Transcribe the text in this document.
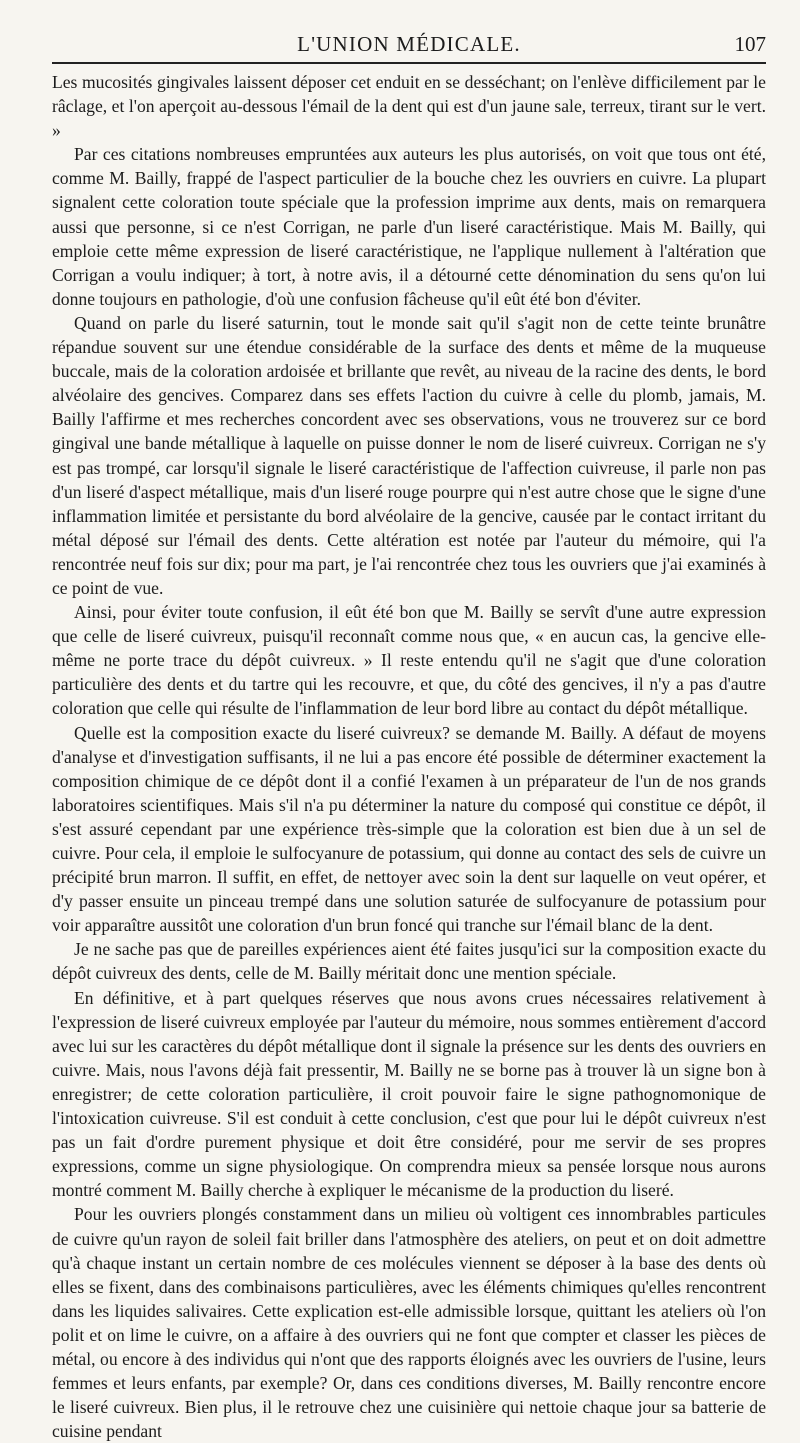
L'UNION MÉDICALE.	107

Les mucosités gingivales laissent déposer cet enduit en se desséchant; on l'enlève difficilement par le râclage, et l'on aperçoit au-dessous l'émail de la dent qui est d'un jaune sale, terreux, tirant sur le vert. »

Par ces citations nombreuses empruntées aux auteurs les plus autorisés, on voit que tous ont été, comme M. Bailly, frappé de l'aspect particulier de la bouche chez les ouvriers en cuivre. La plupart signalent cette coloration toute spéciale que la profession imprime aux dents, mais on remarquera aussi que personne, si ce n'est Corrigan, ne parle d'un liseré caractéristique. Mais M. Bailly, qui emploie cette même expression de liseré caractéristique, ne l'applique nullement à l'altération que Corrigan a voulu indiquer; à tort, à notre avis, il a détourné cette dénomination du sens qu'on lui donne toujours en pathologie, d'où une confusion fâcheuse qu'il eût été bon d'éviter.

Quand on parle du liseré saturnin, tout le monde sait qu'il s'agit non de cette teinte brunâtre répandue souvent sur une étendue considérable de la surface des dents et même de la muqueuse buccale, mais de la coloration ardoisée et brillante que revêt, au niveau de la racine des dents, le bord alvéolaire des gencives. Comparez dans ses effets l'action du cuivre à celle du plomb, jamais, M. Bailly l'affirme et mes recherches concordent avec ses observations, vous ne trouverez sur ce bord gingival une bande métallique à laquelle on puisse donner le nom de liseré cuivreux. Corrigan ne s'y est pas trompé, car lorsqu'il signale le liseré caractéristique de l'affection cuivreuse, il parle non pas d'un liseré d'aspect métallique, mais d'un liseré rouge pourpre qui n'est autre chose que le signe d'une inflammation limitée et persistante du bord alvéolaire de la gencive, causée par le contact irritant du métal déposé sur l'émail des dents. Cette altération est notée par l'auteur du mémoire, qui l'a rencontrée neuf fois sur dix; pour ma part, je l'ai rencontrée chez tous les ouvriers que j'ai examinés à ce point de vue.

Ainsi, pour éviter toute confusion, il eût été bon que M. Bailly se servît d'une autre expression que celle de liseré cuivreux, puisqu'il reconnaît comme nous que, « en aucun cas, la gencive elle-même ne porte trace du dépôt cuivreux. » Il reste entendu qu'il ne s'agit que d'une coloration particulière des dents et du tartre qui les recouvre, et que, du côté des gencives, il n'y a pas d'autre coloration que celle qui résulte de l'inflammation de leur bord libre au contact du dépôt métallique.

Quelle est la composition exacte du liseré cuivreux? se demande M. Bailly. A défaut de moyens d'analyse et d'investigation suffisants, il ne lui a pas encore été possible de déterminer exactement la composition chimique de ce dépôt dont il a confié l'examen à un préparateur de l'un de nos grands laboratoires scientifiques. Mais s'il n'a pu déterminer la nature du composé qui constitue ce dépôt, il s'est assuré cependant par une expérience très-simple que la coloration est bien due à un sel de cuivre. Pour cela, il emploie le sulfocyanure de potassium, qui donne au contact des sels de cuivre un précipité brun marron. Il suffit, en effet, de nettoyer avec soin la dent sur laquelle on veut opérer, et d'y passer ensuite un pinceau trempé dans une solution saturée de sulfocyanure de potassium pour voir apparaître aussitôt une coloration d'un brun foncé qui tranche sur l'émail blanc de la dent.

Je ne sache pas que de pareilles expériences aient été faites jusqu'ici sur la composition exacte du dépôt cuivreux des dents, celle de M. Bailly méritait donc une mention spéciale.

En définitive, et à part quelques réserves que nous avons crues nécessaires relativement à l'expression de liseré cuivreux employée par l'auteur du mémoire, nous sommes entièrement d'accord avec lui sur les caractères du dépôt métallique dont il signale la présence sur les dents des ouvriers en cuivre. Mais, nous l'avons déjà fait pressentir, M. Bailly ne se borne pas à trouver là un signe bon à enregistrer; de cette coloration particulière, il croit pouvoir faire le signe pathognomonique de l'intoxication cuivreuse. S'il est conduit à cette conclusion, c'est que pour lui le dépôt cuivreux n'est pas un fait d'ordre purement physique et doit être considéré, pour me servir de ses propres expressions, comme un signe physiologique. On comprendra mieux sa pensée lorsque nous aurons montré comment M. Bailly cherche à expliquer le mécanisme de la production du liseré.

Pour les ouvriers plongés constamment dans un milieu où voltigent ces innombrables particules de cuivre qu'un rayon de soleil fait briller dans l'atmosphère des ateliers, on peut et on doit admettre qu'à chaque instant un certain nombre de ces molécules viennent se déposer à la base des dents où elles se fixent, dans des combinaisons particulières, avec les éléments chimiques qu'elles rencontrent dans les liquides salivaires. Cette explication est-elle admissible lorsque, quittant les ateliers où l'on polit et on lime le cuivre, on a affaire à des ouvriers qui ne font que compter et classer les pièces de métal, ou encore à des individus qui n'ont que des rapports éloignés avec les ouvriers de l'usine, leurs femmes et leurs enfants, par exemple? Or, dans ces conditions diverses, M. Bailly rencontre encore le liseré cuivreux. Bien plus, il le retrouve chez une cuisinière qui nettoie chaque jour sa batterie de cuisine pendant
